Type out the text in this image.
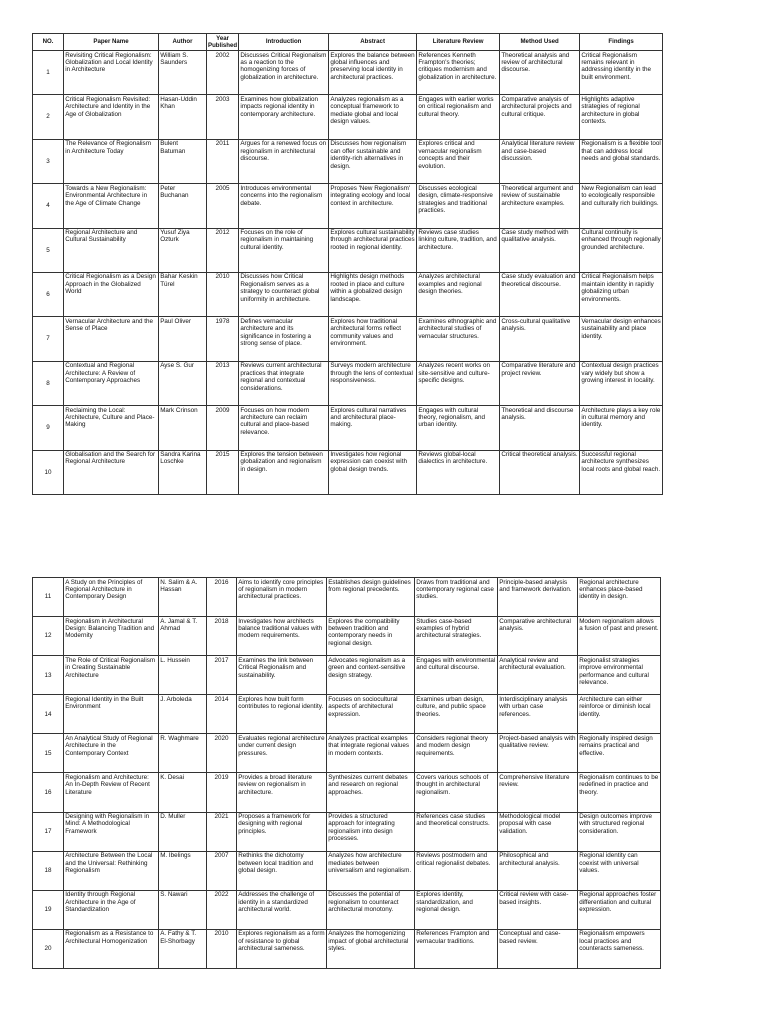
NO.	Paper Name	Author	Year Published	Introduction	Abstract	Literature Review	Method Used	Findings
1	Revisiting Critical Regionalism: Globalization and Local Identity in Architecture	William S. Saunders	2002	Discusses Critical Regionalism as a reaction to the homogenizing forces of globalization in architecture.	Explores the balance between global influences and preserving local identity in architectural practices.	References Kenneth Frampton's theories; critiques modernism and globalization in architecture.	Theoretical analysis and review of architectural discourse.	Critical Regionalism remains relevant in addressing identity in the built environment.
2	Critical Regionalism Revisited: Architecture and Identity in the Age of Globalization	Hasan-Uddin Khan	2003	Examines how globalization impacts regional identity in contemporary architecture.	Analyzes regionalism as a conceptual framework to mediate global and local design values.	Engages with earlier works on critical regionalism and cultural theory.	Comparative analysis of architectural projects and cultural critique.	Highlights adaptive strategies of regional architecture in global contexts.
3	The Relevance of Regionalism in Architecture Today	Bulent Batuman	2011	Argues for a renewed focus on regionalism in architectural discourse.	Discusses how regionalism can offer sustainable and identity-rich alternatives in design.	Explores critical and vernacular regionalism concepts and their evolution.	Analytical literature review and case-based discussion.	Regionalism is a flexible tool that can address local needs and global standards.
4	Towards a New Regionalism: Environmental Architecture in the Age of Climate Change	Peter Buchanan	2005	Introduces environmental concerns into the regionalism debate.	Proposes 'New Regionalism' integrating ecology and local context in architecture.	Discusses ecological design, climate-responsive strategies and traditional practices.	Theoretical argument and review of sustainable architecture examples.	New Regionalism can lead to ecologically responsible and culturally rich buildings.
5	Regional Architecture and Cultural Sustainability	Yusuf Ziya Ozturk	2012	Focuses on the role of regionalism in maintaining cultural identity.	Explores cultural sustainability through architectural practices rooted in regional identity.	Reviews case studies linking culture, tradition, and architecture.	Case study method with qualitative analysis.	Cultural continuity is enhanced through regionally grounded architecture.
6	Critical Regionalism as a Design Approach in the Globalized World	Bahar Keskin Türel	2010	Discusses how Critical Regionalism serves as a strategy to counteract global uniformity in architecture.	Highlights design methods rooted in place and culture within a globalized design landscape.	Analyzes architectural examples and regional design theories.	Case study evaluation and theoretical discourse.	Critical Regionalism helps maintain identity in rapidly globalizing urban environments.
7	Vernacular Architecture and the Sense of Place	Paul Oliver	1978	Defines vernacular architecture and its significance in fostering a strong sense of place.	Explores how traditional architectural forms reflect community values and environment.	Examines ethnographic and architectural studies of vernacular structures.	Cross-cultural qualitative analysis.	Vernacular design enhances sustainability and place identity.
8	Contextual and Regional Architecture: A Review of Contemporary Approaches	Ayse S. Gur	2013	Reviews current architectural practices that integrate regional and contextual considerations.	Surveys modern architecture through the lens of contextual responsiveness.	Analyzes recent works on site-sensitive and culture-specific designs.	Comparative literature and project review.	Contextual design practices vary widely but show a growing interest in locality.
9	Reclaiming the Local: Architecture, Culture and Place-Making	Mark Crinson	2009	Focuses on how modern architecture can reclaim cultural and place-based relevance.	Explores cultural narratives and architectural place-making.	Engages with cultural theory, regionalism, and urban identity.	Theoretical and discourse analysis.	Architecture plays a key role in cultural memory and identity.
10	Globalisation and the Search for Regional Architecture	Sandra Karina Loschke	2015	Explores the tension between globalization and regionalism in design.	Investigates how regional expression can coexist with global design trends.	Reviews global-local dialectics in architecture.	Critical theoretical analysis.	Successful regional architecture synthesizes local roots and global reach.
11	A Study on the Principles of Regional Architecture in Contemporary Design	N. Salim & A. Hassan	2016	Aims to identify core principles of regionalism in modern architectural practices.	Establishes design guidelines from regional precedents.	Draws from traditional and contemporary regional case studies.	Principle-based analysis and framework derivation.	Regional architecture enhances place-based identity in design.
12	Regionalism in Architectural Design: Balancing Tradition and Modernity	A. Jamal & T. Ahmad	2018	Investigates how architects balance traditional values with modern requirements.	Explores the compatibility between tradition and contemporary needs in regional design.	Studies case-based examples of hybrid architectural strategies.	Comparative architectural analysis.	Modern regionalism allows a fusion of past and present.
13	The Role of Critical Regionalism in Creating Sustainable Architecture	L. Hussein	2017	Examines the link between Critical Regionalism and sustainability.	Advocates regionalism as a green and context-sensitive design strategy.	Engages with environmental and cultural discourse.	Analytical review and architectural evaluation.	Regionalist strategies improve environmental performance and cultural relevance.
14	Regional Identity in the Built Environment	J. Arboleda	2014	Explores how built form contributes to regional identity.	Focuses on sociocultural aspects of architectural expression.	Examines urban design, culture, and public space theories.	Interdisciplinary analysis with urban case references.	Architecture can either reinforce or diminish local identity.
15	An Analytical Study of Regional Architecture in the Contemporary Context	R. Waghmare	2020	Evaluates regional architecture under current design pressures.	Analyzes practical examples that integrate regional values in modern contexts.	Considers regional theory and modern design requirements.	Project-based analysis with qualitative review.	Regionally inspired design remains practical and effective.
16	Regionalism and Architecture: An In-Depth Review of Recent Literature	K. Desai	2019	Provides a broad literature review on regionalism in architecture.	Synthesizes current debates and research on regional approaches.	Covers various schools of thought in architectural regionalism.	Comprehensive literature review.	Regionalism continues to be redefined in practice and theory.
17	Designing with Regionalism in Mind: A Methodological Framework	D. Muller	2021	Proposes a framework for designing with regional principles.	Provides a structured approach for integrating regionalism into design processes.	References case studies and theoretical constructs.	Methodological model proposal with case validation.	Design outcomes improve with structured regional consideration.
18	Architecture Between the Local and the Universal: Rethinking Regionalism	M. Ibelings	2007	Rethinks the dichotomy between local tradition and global design.	Analyzes how architecture mediates between universalism and regionalism.	Reviews postmodern and critical regionalist debates.	Philosophical and architectural analysis.	Regional identity can coexist with universal values.
19	Identity through Regional Architecture in the Age of Standardization	S. Nawari	2022	Addresses the challenge of identity in a standardized architectural world.	Discusses the potential of regionalism to counteract architectural monotony.	Explores identity, standardization, and regional design.	Critical review with case-based insights.	Regional approaches foster differentiation and cultural expression.
20	Regionalism as a Resistance to Architectural Homogenization	A. Fathy & T. El-Shorbagy	2010	Explores regionalism as a form of resistance to global architectural sameness.	Analyzes the homogenizing impact of global architectural styles.	References Frampton and vernacular traditions.	Conceptual and case-based review.	Regionalism empowers local practices and counteracts sameness.
